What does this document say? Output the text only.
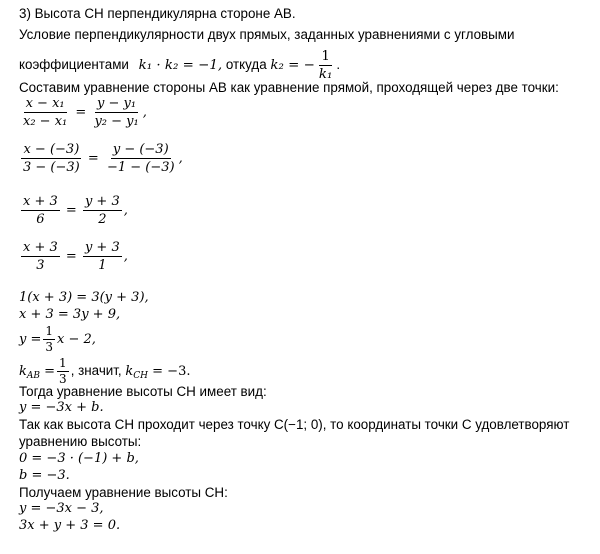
3) Высота CH перпендикулярна стороне AB.
Условие перпендикулярности двух прямых, заданных уравнениями с угловыми
коэффициентами k₁ · k₂ = −1, откуда k₂ = − $\frac{1}{\text{k₁}}$ .
Составим уравнение стороны AB как уравнение прямой, проходящей через две точки:
$\frac{\text{x − x₁}}{\text{x₂ − x₁}} = \frac{\text{y − y₁}}{\text{y₂ − y₁}}$ ,
$\frac{x - (-3)}{3 - (-3)} = \frac{y - (-3)}{-1 - (-3)}$ ,
$\frac{x + 3}{6} = \frac{y + 3}{2}$ ,
$\frac{x + 3}{3} = \frac{y + 3}{1}$ ,
1(x + 3) = 3(y + 3),
x + 3 = 3y + 9,
$y = \frac{1}{3}$ x − 2,
$k_{AB} = \frac{1}{3}$ , значит, $k_{CH} = -3$.
Тогда уравнение высоты CH имеет вид:
y = −3x + b.
Так как высота CH проходит через точку C(−1; 0), то координаты точки C удовлетворяют
уравнению высоты:
0 = −3 · (−1) + b,
b = −3.
Получаем уравнение высоты CH:
y = −3x − 3,
3x + y + 3 = 0.
